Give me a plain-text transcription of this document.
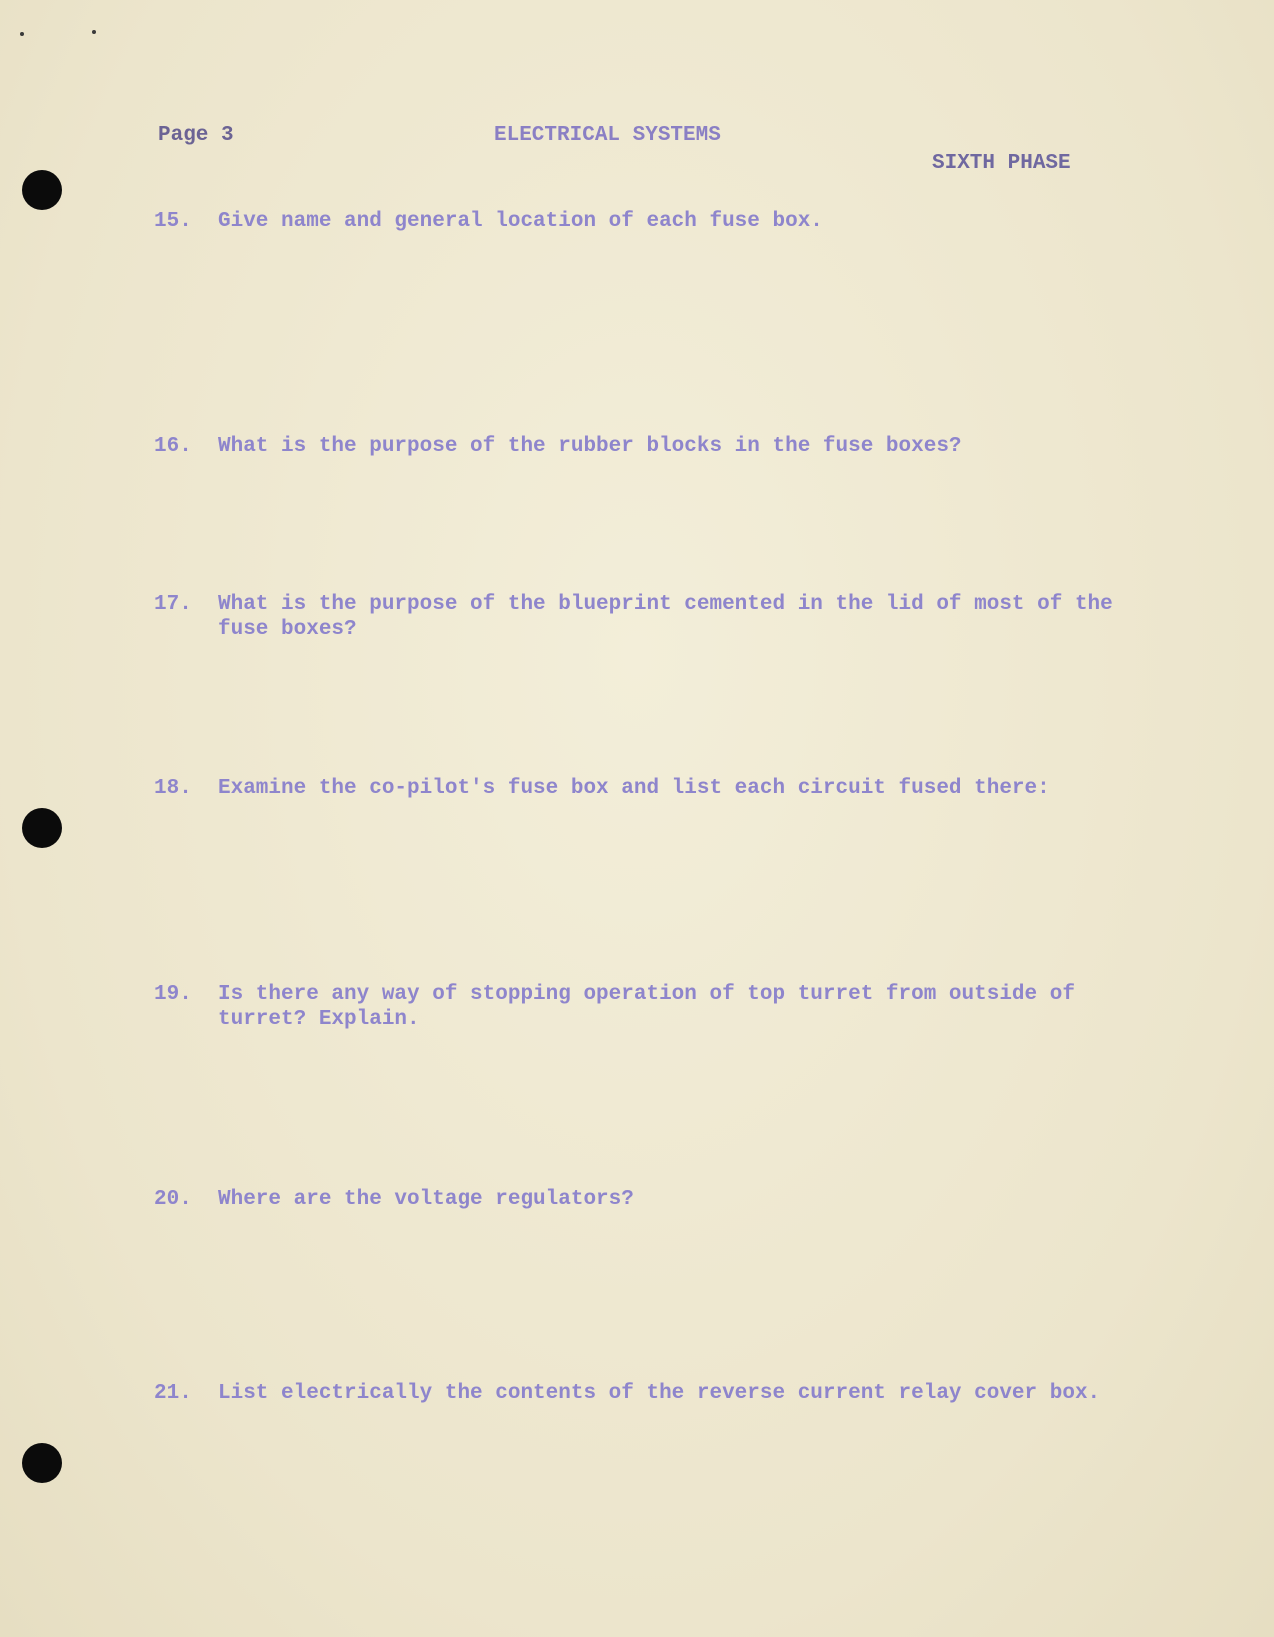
Page 3	ELECTRICAL SYSTEMS
SIXTH PHASE
15.	Give name and general location of each fuse box.
16.	What is the purpose of the rubber blocks in the fuse boxes?
17.	What is the purpose of the blueprint cemented in the lid of most of the
fuse boxes?
18.	Examine the co-pilot's fuse box and list each circuit fused there:
19.	Is there any way of stopping operation of top turret from outside of
turret? Explain.
20.	Where are the voltage regulators?
21.	List electrically the contents of the reverse current relay cover box.
